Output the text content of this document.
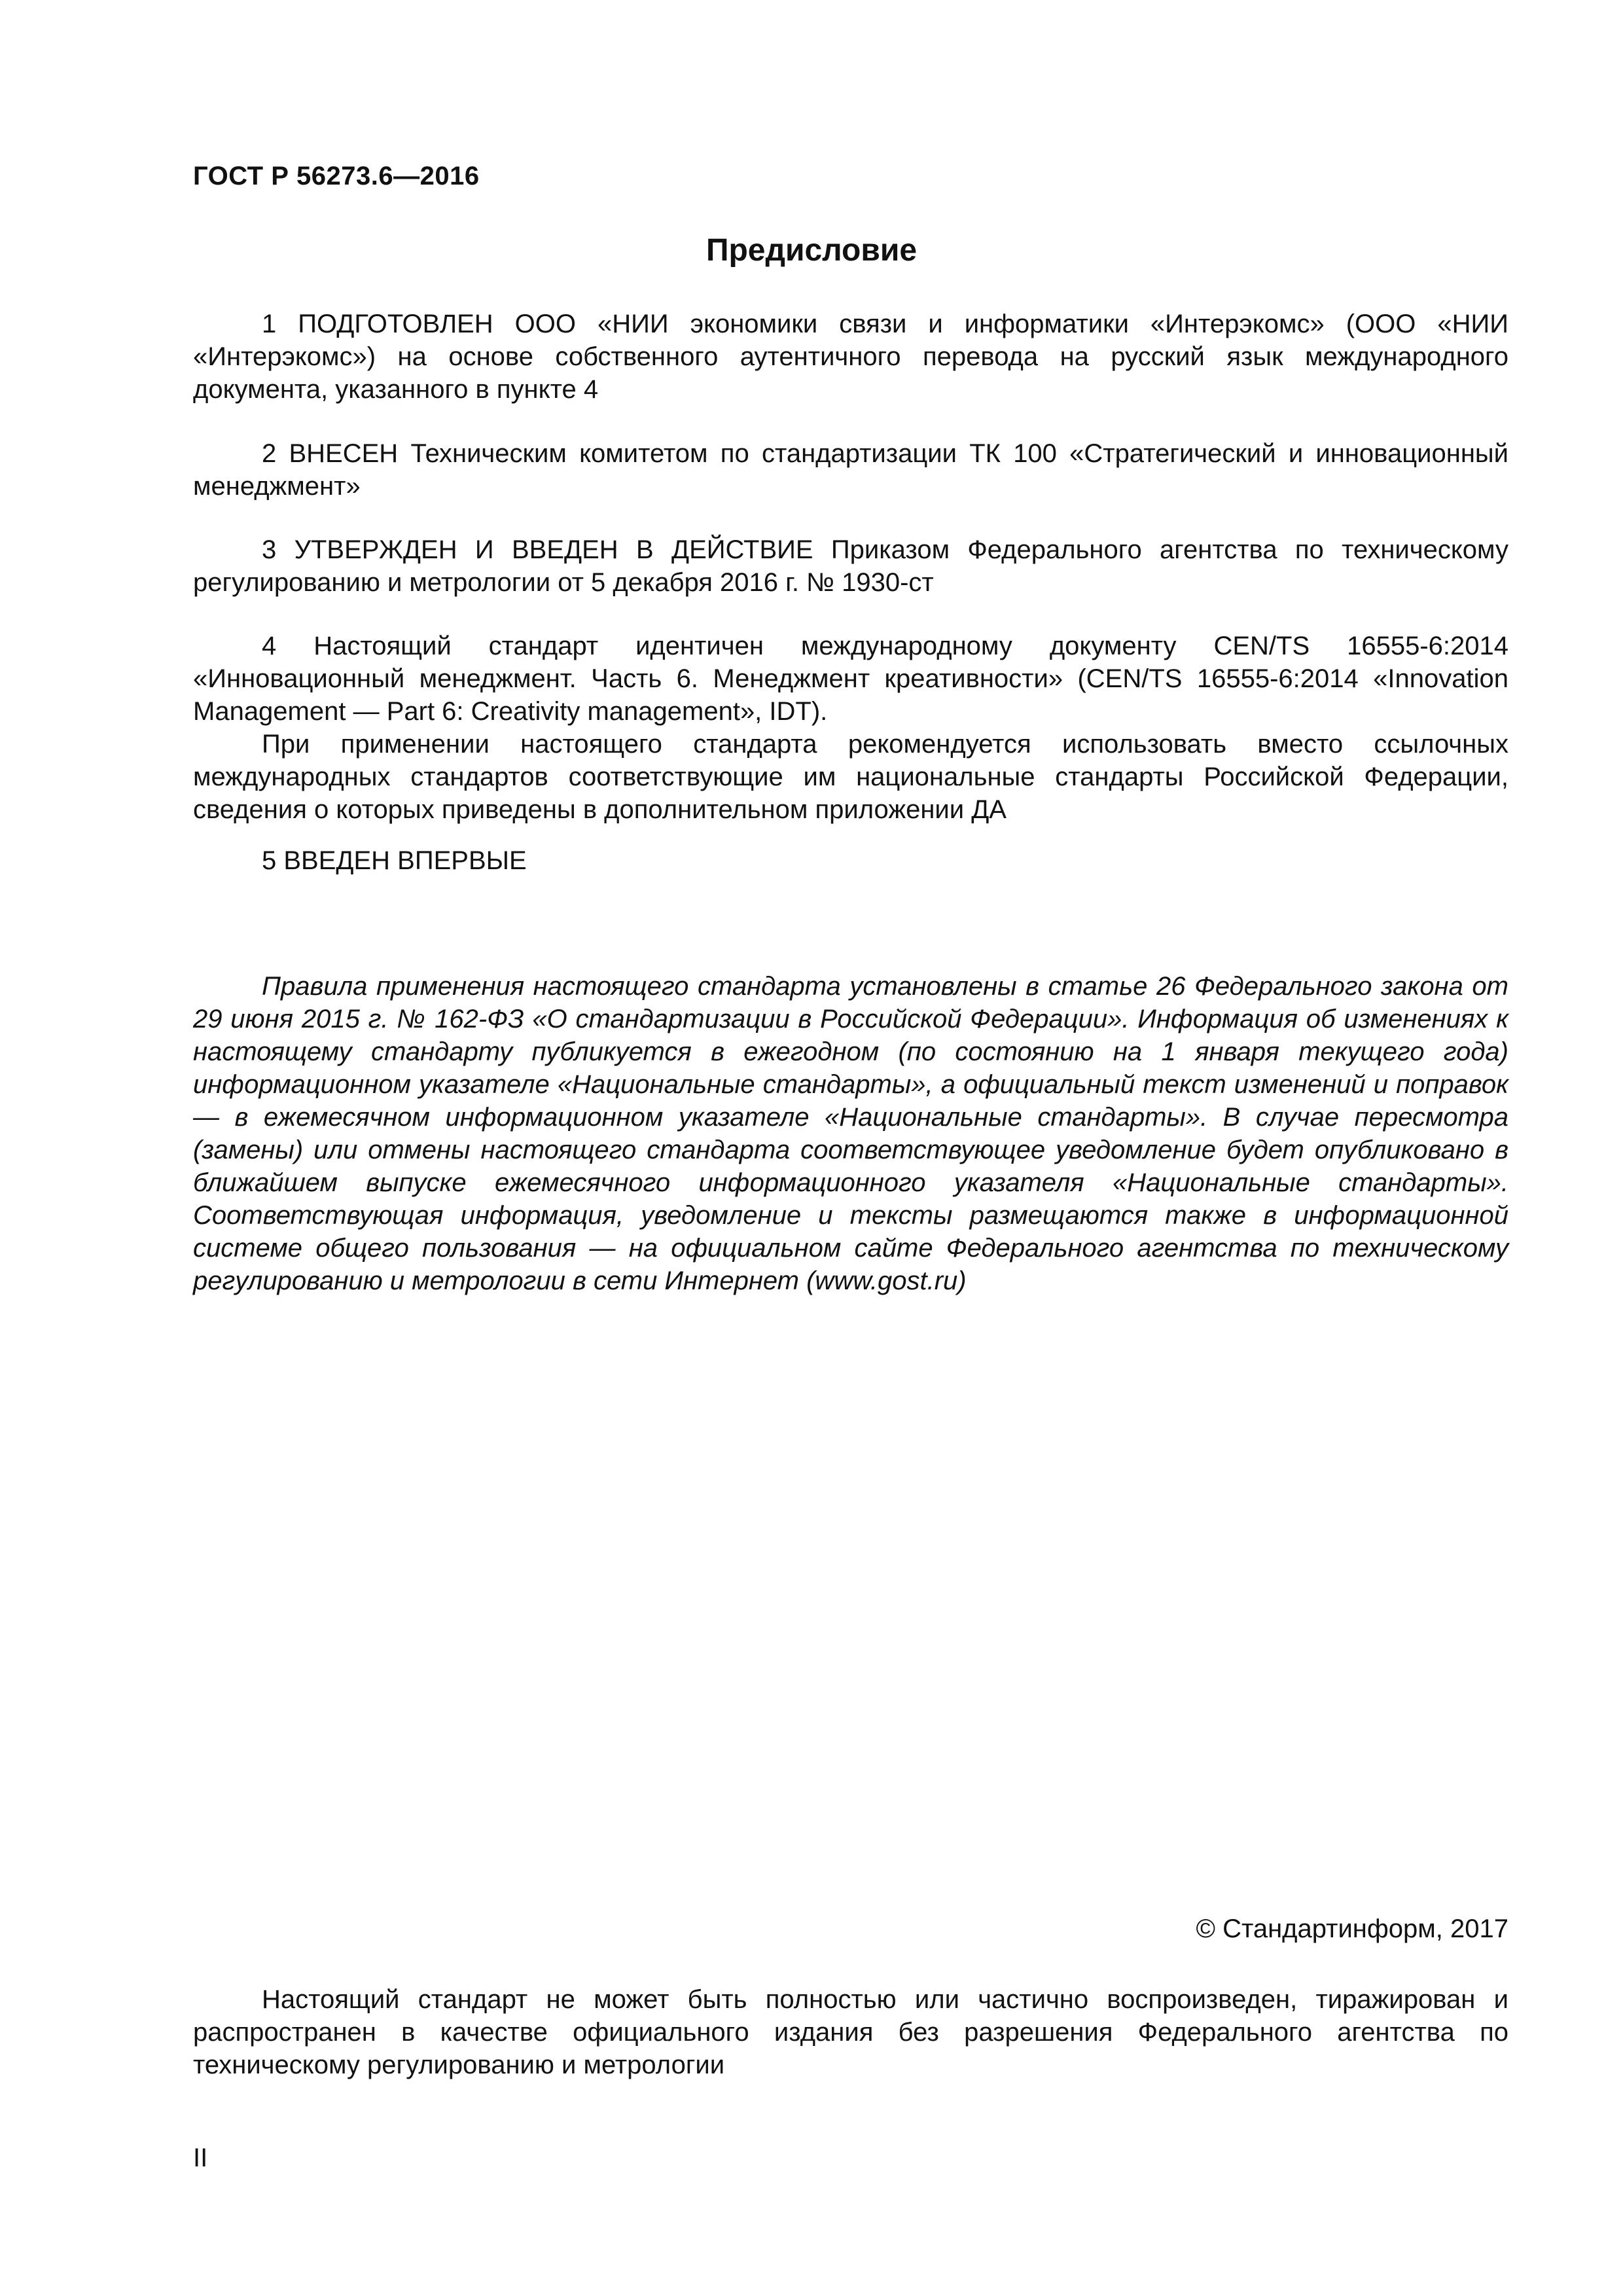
ГОСТ Р 56273.6—2016
Предисловие

1 ПОДГОТОВЛЕН ООО «НИИ экономики связи и информатики «Интерэкомс» (ООО «НИИ «Интерэкомс») на основе собственного аутентичного перевода на русский язык международного документа, указанного в пункте 4

2 ВНЕСЕН Техническим комитетом по стандартизации ТК 100 «Стратегический и инновационный менеджмент»

3 УТВЕРЖДЕН И ВВЕДЕН В ДЕЙСТВИЕ Приказом Федерального агентства по техническому регулированию и метрологии от 5 декабря 2016 г. № 1930-ст

4 Настоящий стандарт идентичен международному документу CEN/TS 16555-6:2014 «Инновационный менеджмент. Часть 6. Менеджмент креативности» (CEN/TS 16555-6:2014 «Innovation Management — Part 6: Creativity management», IDT).

При применении настоящего стандарта рекомендуется использовать вместо ссылочных международных стандартов соответствующие им национальные стандарты Российской Федерации, сведения о которых приведены в дополнительном приложении ДА

5 ВВЕДЕН ВПЕРВЫЕ

Правила применения настоящего стандарта установлены в статье 26 Федерального закона от 29 июня 2015 г. № 162-ФЗ «О стандартизации в Российской Федерации». Информация об изменениях к настоящему стандарту публикуется в ежегодном (по состоянию на 1 января текущего года) информационном указателе «Национальные стандарты», а официальный текст изменений и поправок — в ежемесячном информационном указателе «Национальные стандарты». В случае пересмотра (замены) или отмены настоящего стандарта соответствующее уведомление будет опубликовано в ближайшем выпуске ежемесячного информационного указателя «Национальные стандарты». Соответствующая информация, уведомление и тексты размещаются также в информационной системе общего пользования — на официальном сайте Федерального агентства по техническому регулированию и метрологии в сети Интернет (www.gost.ru)

© Стандартинформ, 2017

Настоящий стандарт не может быть полностью или частично воспроизведен, тиражирован и распространен в качестве официального издания без разрешения Федерального агентства по техническому регулированию и метрологии

II
